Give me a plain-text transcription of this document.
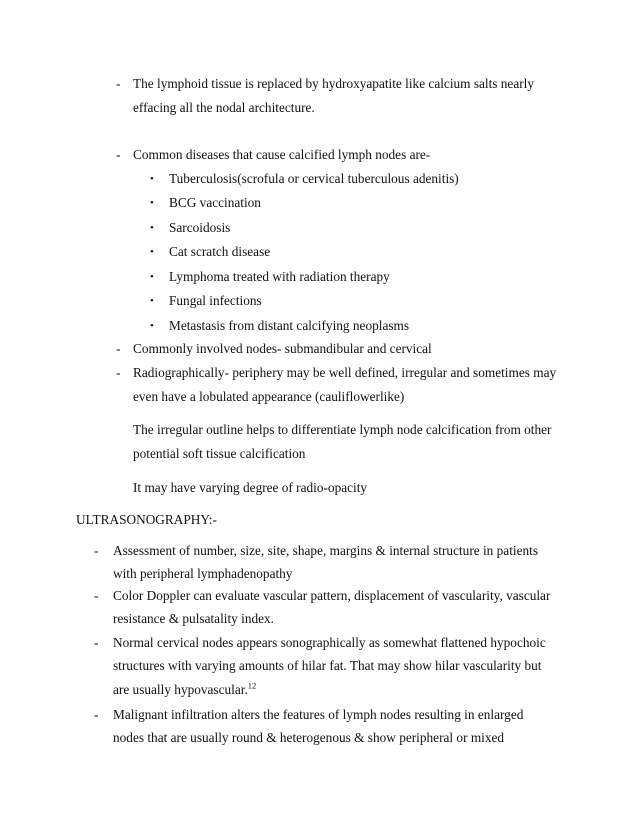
- The lymphoid tissue is replaced by hydroxyapatite like calcium salts nearly
effacing all the nodal architecture.
- Common diseases that cause calcified lymph nodes are-
• Tuberculosis(scrofula or cervical tuberculous adenitis)
• BCG vaccination
• Sarcoidosis
• Cat scratch disease
• Lymphoma treated with radiation therapy
• Fungal infections
• Metastasis from distant calcifying neoplasms
- Commonly involved nodes- submandibular and cervical
- Radiographically- periphery may be well defined, irregular and sometimes may
even have a lobulated appearance (cauliflowerlike)
The irregular outline helps to differentiate lymph node calcification from other
potential soft tissue calcification
It may have varying degree of radio-opacity
ULTRASONOGRAPHY:-
- Assessment of number, size, site, shape, margins & internal structure in patients
with peripheral lymphadenopathy
- Color Doppler can evaluate vascular pattern, displacement of vascularity, vascular
resistance & pulsatality index.
- Normal cervical nodes appears sonographically as somewhat flattened hypochoic
structures with varying amounts of hilar fat. That may show hilar vascularity but
are usually hypovascular.$^{12}$
- Malignant infiltration alters the features of lymph nodes resulting in enlarged
nodes that are usually round & heterogenous & show peripheral or mixed
